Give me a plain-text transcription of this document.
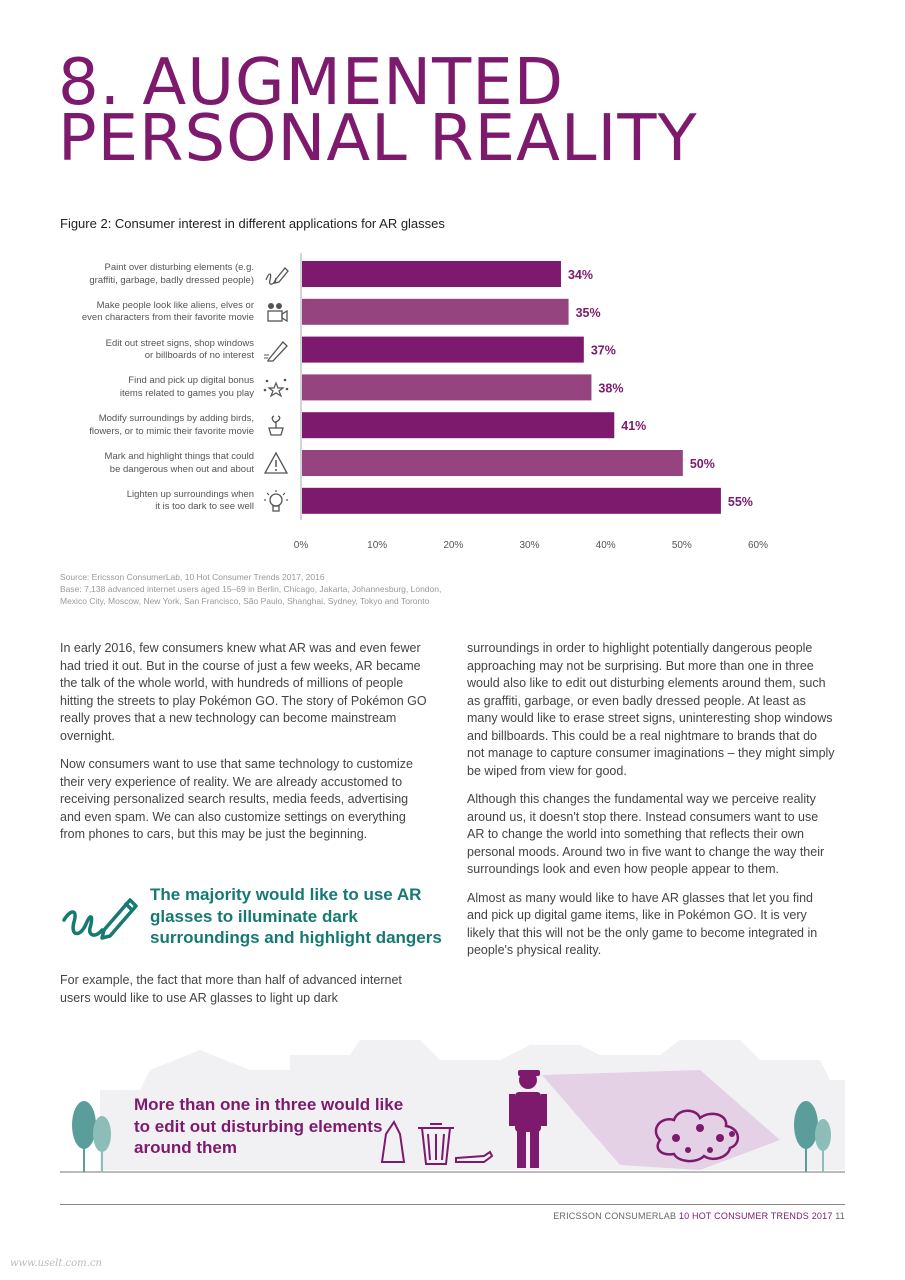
8. AUGMENTED
PERSONAL REALITY
Figure 2: Consumer interest in different applications for AR glasses
34%
35%
37%
38%
41%
50%
55%
0%	10%	20%	30%	40%	50%	60%
Paint over disturbing elements (e.g.
graffiti, garbage, badly dressed people)
Make people look like aliens, elves or
even characters from their favorite movie
Edit out street signs, shop windows
or billboards of no interest
Find and pick up digital bonus
items related to games you play
Modify surroundings by adding birds,
flowers, or to mimic their favorite movie
Mark and highlight things that could
be dangerous when out and about
Lighten up surroundings when
it is too dark to see well
Source: Ericsson ConsumerLab, 10 Hot Consumer Trends 2017, 2016
Base: 7,138 advanced internet users aged 15–69 in Berlin, Chicago, Jakarta, Johannesburg, London,
Mexico City, Moscow, New York, San Francisco, São Paulo, Shanghai, Sydney, Tokyo and Toronto

In early 2016, few consumers knew what AR was and even fewer had tried it out. But in the course of just a few weeks, AR became the talk of the whole world, with hundreds of millions of people hitting the streets to play Pokémon GO. The story of Pokémon GO really proves that a new technology can become mainstream overnight.

Now consumers want to use that same technology to customize their very experience of reality. We are already accustomed to receiving personalized search results, media feeds, advertising and even spam. We can also customize settings on everything from phones to cars, but this may be just the beginning.

The majority would like to use AR glasses to illuminate dark surroundings and highlight dangers

For example, the fact that more than half of advanced internet users would like to use AR glasses to light up dark

surroundings in order to highlight potentially dangerous people approaching may not be surprising. But more than one in three would also like to edit out disturbing elements around them, such as graffiti, garbage, or even badly dressed people. At least as many would like to erase street signs, uninteresting shop windows and billboards. This could be a real nightmare to brands that do not manage to capture consumer imaginations – they might simply be wiped from view for good.

Although this changes the fundamental way we perceive reality around us, it doesn't stop there. Instead consumers want to use AR to change the world into something that reflects their own personal moods. Around two in five want to change the way their surroundings look and even how people appear to them.

Almost as many would like to have AR glasses that let you find and pick up digital game items, like in Pokémon GO. It is very likely that this will not be the only game to become integrated in people's physical reality.

More than one in three would like to edit out disturbing elements around them
ERICSSON CONSUMERLAB 10 HOT CONSUMER TRENDS 2017 11
www.uselt.com.cn
